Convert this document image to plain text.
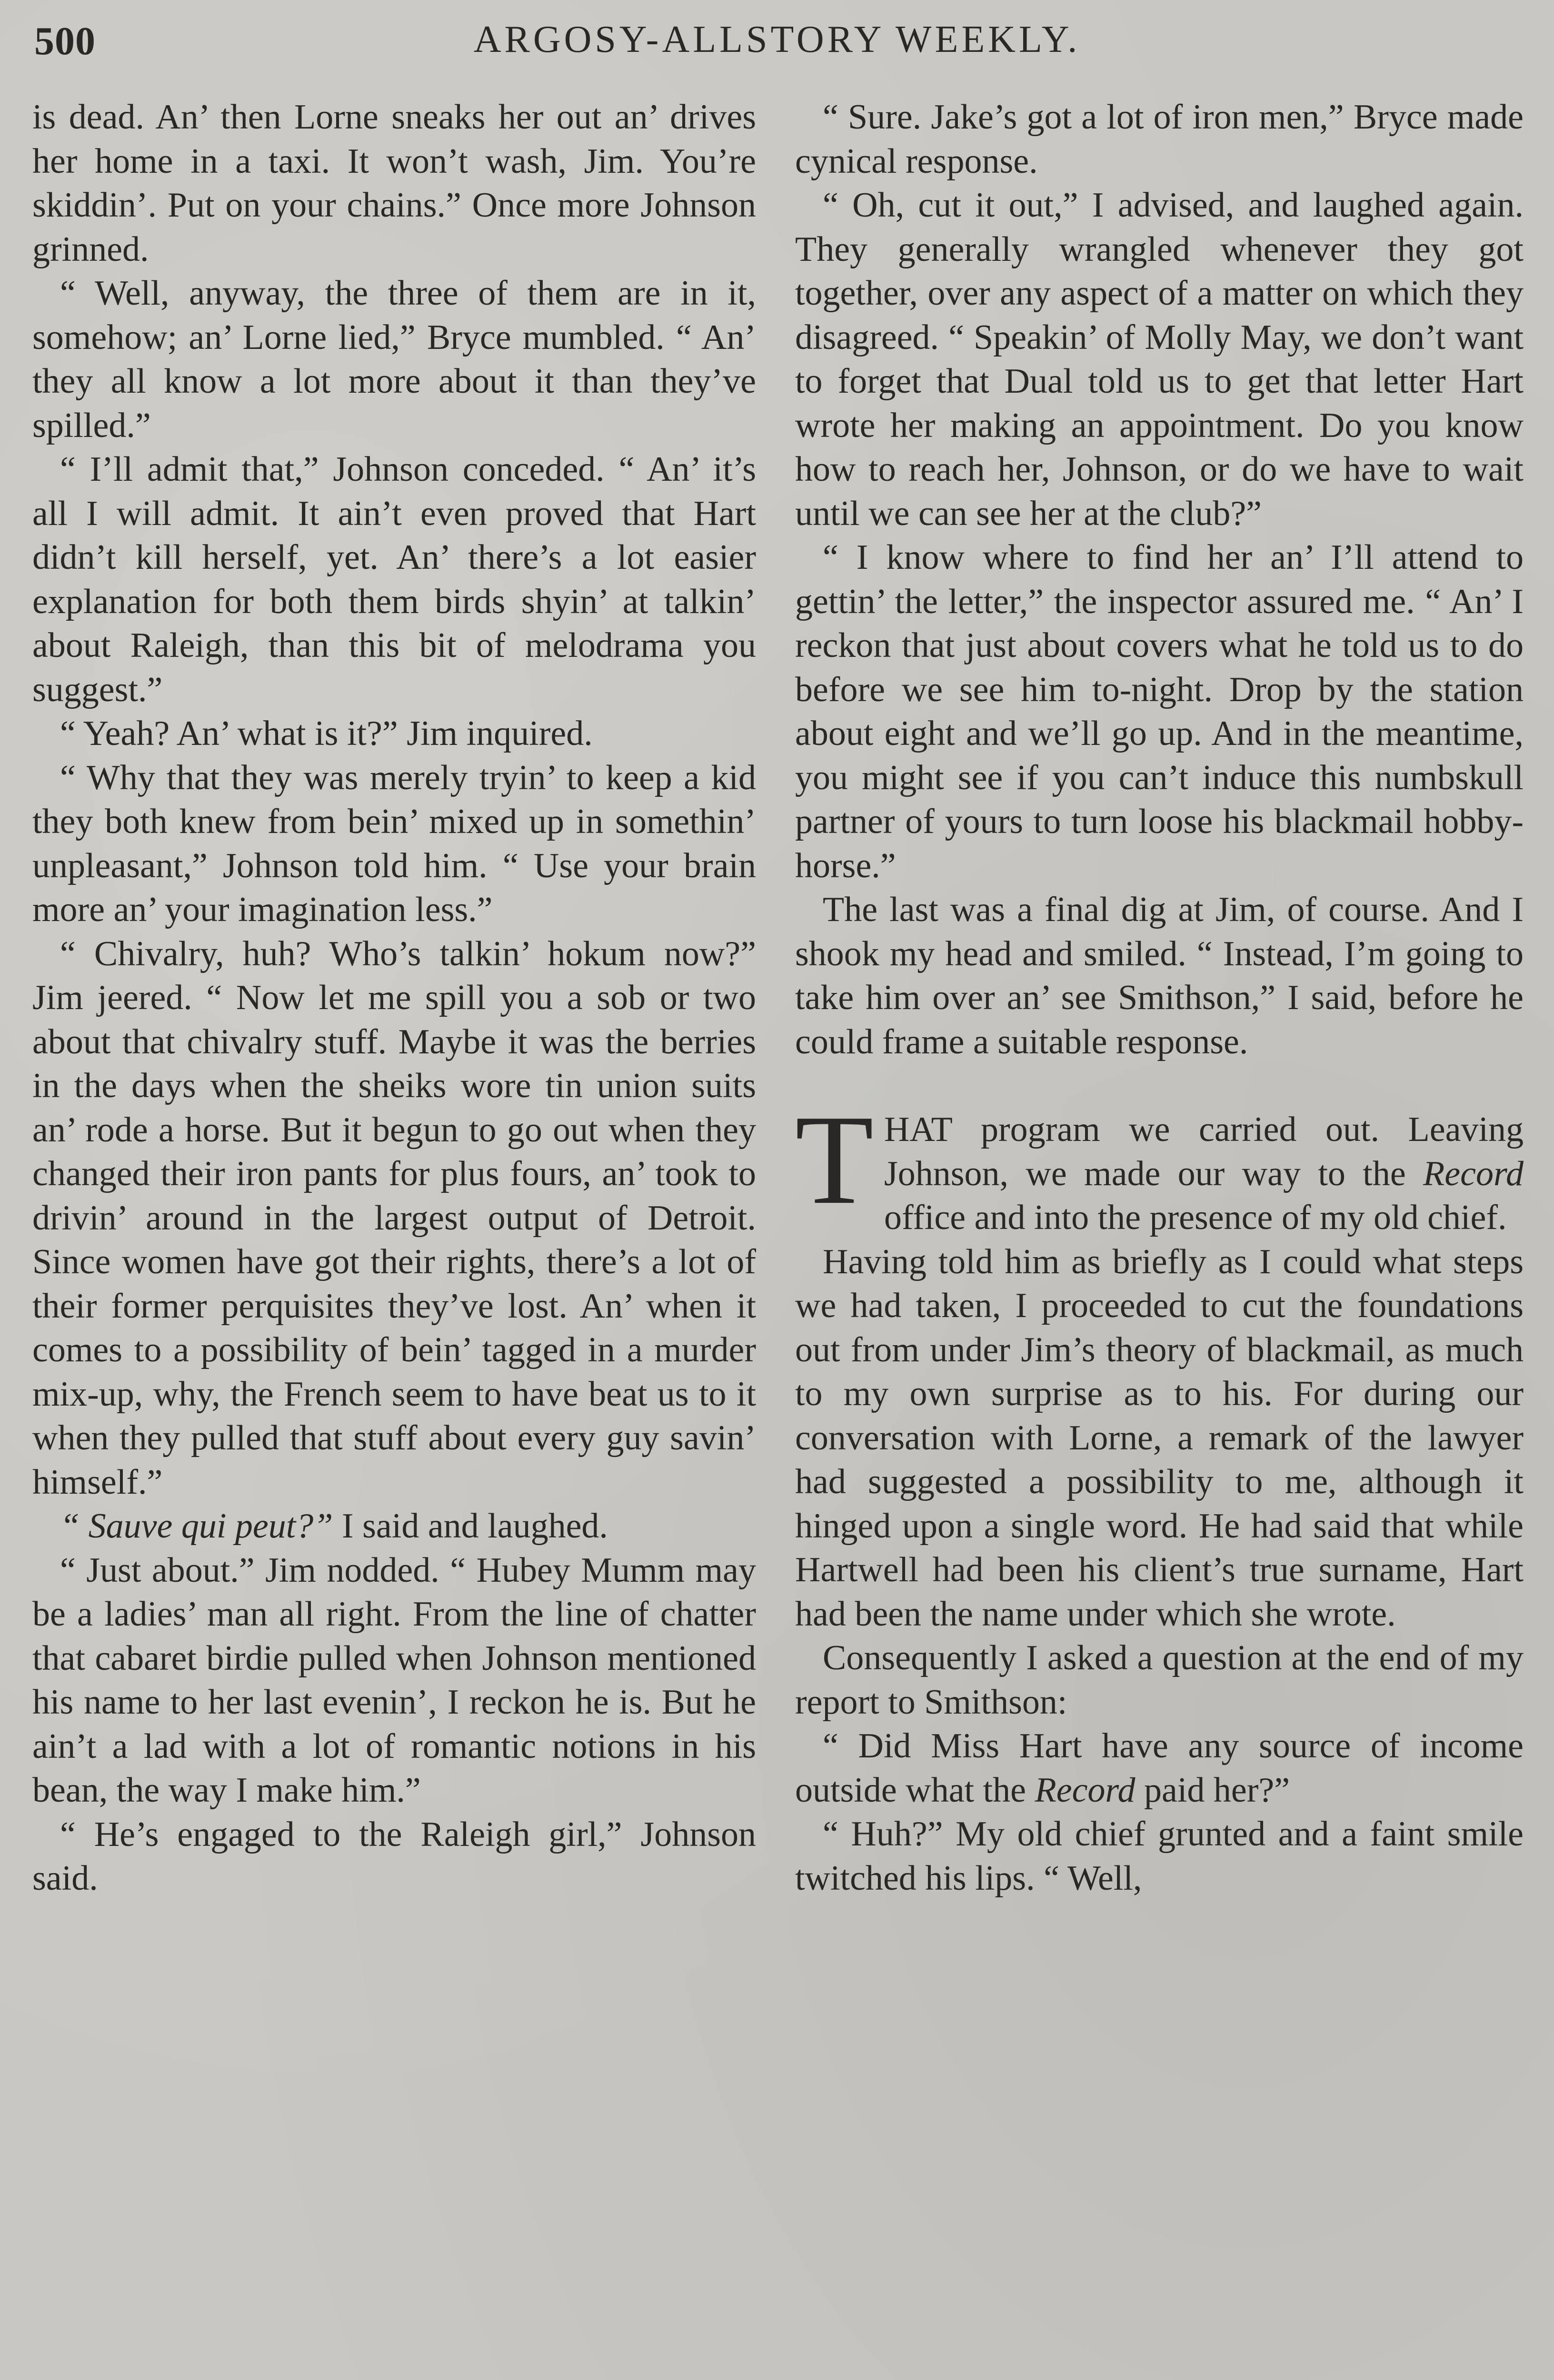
500	ARGOSY-ALLSTORY WEEKLY.

is dead. An’ then Lorne sneaks her out an’ drives her home in a taxi. It won’t wash, Jim. You’re skiddin’. Put on your chains.” Once more Johnson grinned.

“ Well, anyway, the three of them are in it, somehow; an’ Lorne lied,” Bryce mumbled. “ An’ they all know a lot more about it than they’ve spilled.”

“ I’ll admit that,” Johnson conceded. “ An’ it’s all I will admit. It ain’t even proved that Hart didn’t kill herself, yet. An’ there’s a lot easier explanation for both them birds shyin’ at talkin’ about Raleigh, than this bit of melodrama you suggest.”

“ Yeah? An’ what is it?” Jim inquired.

“ Why that they was merely tryin’ to keep a kid they both knew from bein’ mixed up in somethin’ unpleasant,” Johnson told him. “ Use your brain more an’ your imagination less.”

“ Chivalry, huh? Who’s talkin’ hokum now?” Jim jeered. “ Now let me spill you a sob or two about that chivalry stuff. Maybe it was the berries in the days when the sheiks wore tin union suits an’ rode a horse. But it begun to go out when they changed their iron pants for plus fours, an’ took to drivin’ around in the largest output of Detroit. Since women have got their rights, there’s a lot of their former perquisites they’ve lost. An’ when it comes to a possibility of bein’ tagged in a murder mix-up, why, the French seem to have beat us to it when they pulled that stuff about every guy savin’ himself.”

“ Sauve qui peut?” I said and laughed.

“ Just about.” Jim nodded. “ Hubey Mumm may be a ladies’ man all right. From the line of chatter that cabaret birdie pulled when Johnson mentioned his name to her last evenin’, I reckon he is. But he ain’t a lad with a lot of romantic notions in his bean, the way I make him.”

“ He’s engaged to the Raleigh girl,” Johnson said.

“ Sure. Jake’s got a lot of iron men,” Bryce made cynical response.

“ Oh, cut it out,” I advised, and laughed again. They generally wrangled whenever they got together, over any aspect of a matter on which they disagreed. “ Speakin’ of Molly May, we don’t want to forget that Dual told us to get that letter Hart wrote her making an appointment. Do you know how to reach her, Johnson, or do we have to wait until we can see her at the club?”

“ I know where to find her an’ I’ll attend to gettin’ the letter,” the inspector assured me. “ An’ I reckon that just about covers what he told us to do before we see him to-night. Drop by the station about eight and we’ll go up. And in the meantime, you might see if you can’t induce this numbskull partner of yours to turn loose his blackmail hobby-horse.”

The last was a final dig at Jim, of course. And I shook my head and smiled. “ Instead, I’m going to take him over an’ see Smithson,” I said, before he could frame a suitable response.

THAT program we carried out. Leaving Johnson, we made our way to the Record office and into the presence of my old chief.

Having told him as briefly as I could what steps we had taken, I proceeded to cut the foundations out from under Jim’s theory of blackmail, as much to my own surprise as to his. For during our conversation with Lorne, a remark of the lawyer had suggested a possibility to me, although it hinged upon a single word. He had said that while Hartwell had been his client’s true surname, Hart had been the name under which she wrote.

Consequently I asked a question at the end of my report to Smithson:

“ Did Miss Hart have any source of income outside what the Record paid her?”

“ Huh?” My old chief grunted and a faint smile twitched his lips. “ Well,
